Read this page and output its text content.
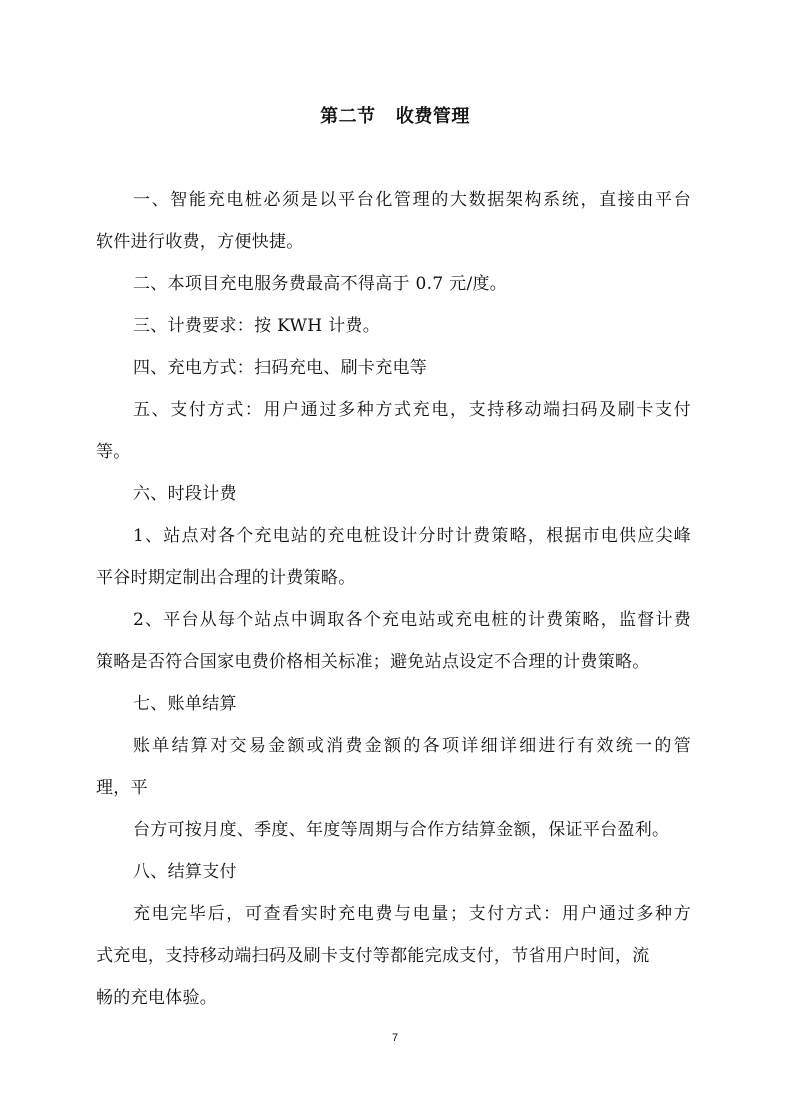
第二节   收费管理
一、智能充电桩必须是以平台化管理的大数据架构系统，直接由平台
软件进行收费，方便快捷。
二、本项目充电服务费最高不得高于 0.7 元/度。
三、计费要求：按 KWH 计费。
四、充电方式：扫码充电、刷卡充电等
五、支付方式：用户通过多种方式充电，支持移动端扫码及刷卡支付
等。
六、时段计费
1、站点对各个充电站的充电桩设计分时计费策略，根据市电供应尖峰
平谷时期定制出合理的计费策略。
2、平台从每个站点中调取各个充电站或充电桩的计费策略，监督计费
策略是否符合国家电费价格相关标准；避免站点设定不合理的计费策略。
七、账单结算
账单结算对交易金额或消费金额的各项详细详细进行有效统一的管
理，平
台方可按月度、季度、年度等周期与合作方结算金额，保证平台盈利。
八、结算支付
充电完毕后，可查看实时充电费与电量；支付方式：用户通过多种方
式充电，支持移动端扫码及刷卡支付等都能完成支付，节省用户时间，流
畅的充电体验。
7
